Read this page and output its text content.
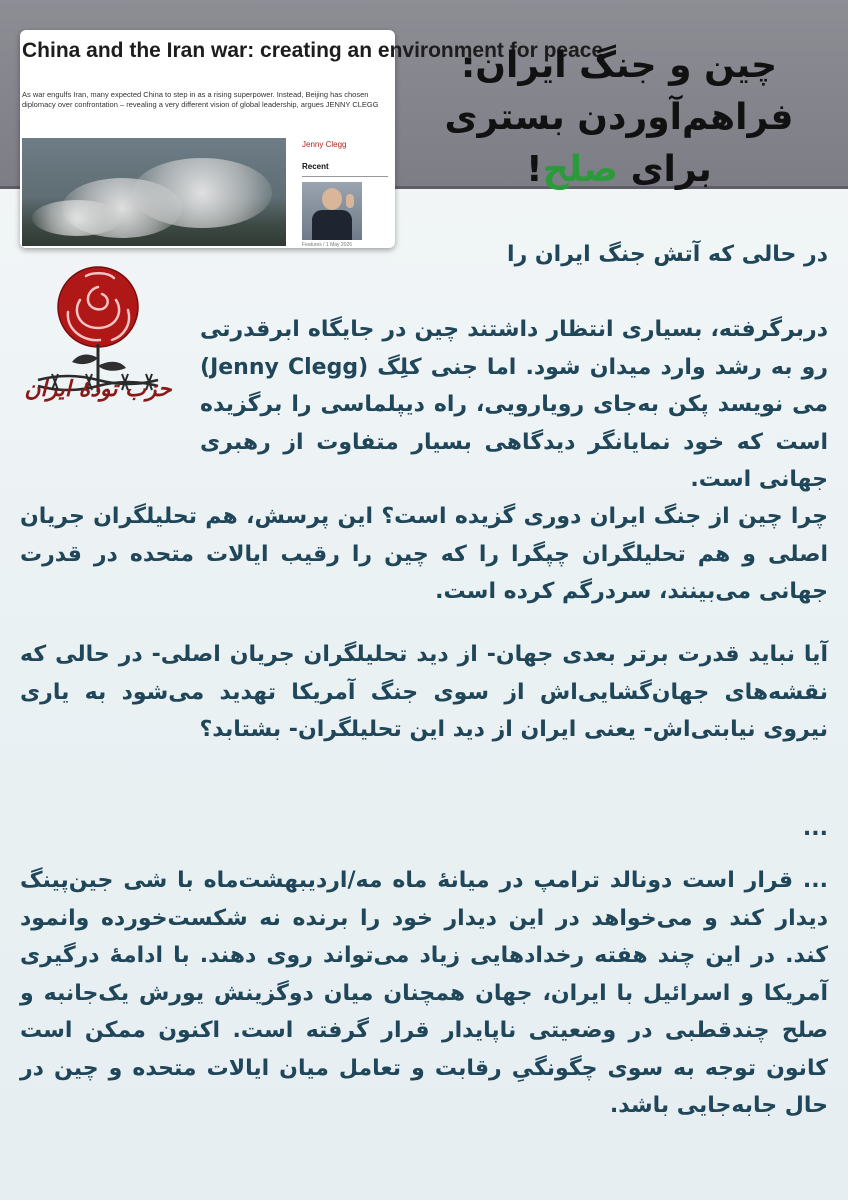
China and the Iran war: creating an environment for peace
As war engulfs Iran, many expected China to step in as a rising superpower. Instead, Beijing has chosen diplomacy over confrontation – revealing a very different vision of global leadership, argues JENNY CLEGG
Jenny Clegg
Recent
Features / 1 May 2026
چین و جنگ ایران:
فراهم‌آوردن بستری
برای صلح!
حزب تودهٔ ایران
در حالی که آتش جنگ ایران را
دربرگرفته، بسیاری انتظار داشتند چین در جایگاه ابرقدرتی رو به رشد وارد میدان شود. اما جنی کلِگ (Jenny Clegg) می نویسد پکن به‌جای رویارویی، راه دیپلماسی را برگزیده است که خود نمایانگر دیدگاهی بسیار متفاوت از رهبری جهانی است.
چرا چین از جنگ ایران دوری گزیده است؟ این پرسش، هم تحلیلگران جریان اصلی و هم تحلیلگران چپگرا را که چین را رقیب ایالات متحده در قدرت جهانی می‌بینند، سردرگم کرده است.
آیا نباید قدرت برتر بعدی جهان- از دید تحلیلگران جریان اصلی- در حالی که نقشه‌های جهان‌گشایی‌اش از سوی جنگ آمریکا تهدید می‌شود به یاری نیروی نیابتی‌اش- یعنی ایران از دید این تحلیلگران- بشتابد؟
...
... قرار است دونالد ترامپ در میانهٔ ماه مه/اردیبهشت‌ماه با شی جین‌پینگ دیدار کند و می‌خواهد در این دیدار خود را برنده نه شکست‌خورده وانمود کند. در این چند هفته رخدادهایی زیاد می‌تواند روی دهند. با ادامهٔ درگیری آمریکا و اسرائیل با ایران، جهان همچنان میان دوگزینش یورش یک‌جانبه و صلح چندقطبی در وضعیتی ناپایدار قرار گرفته است. اکنون ممکن است کانون توجه به سوی چگونگیِ رقابت و تعامل میان ایالات متحده و چین در حال جابه‌جایی باشد.
